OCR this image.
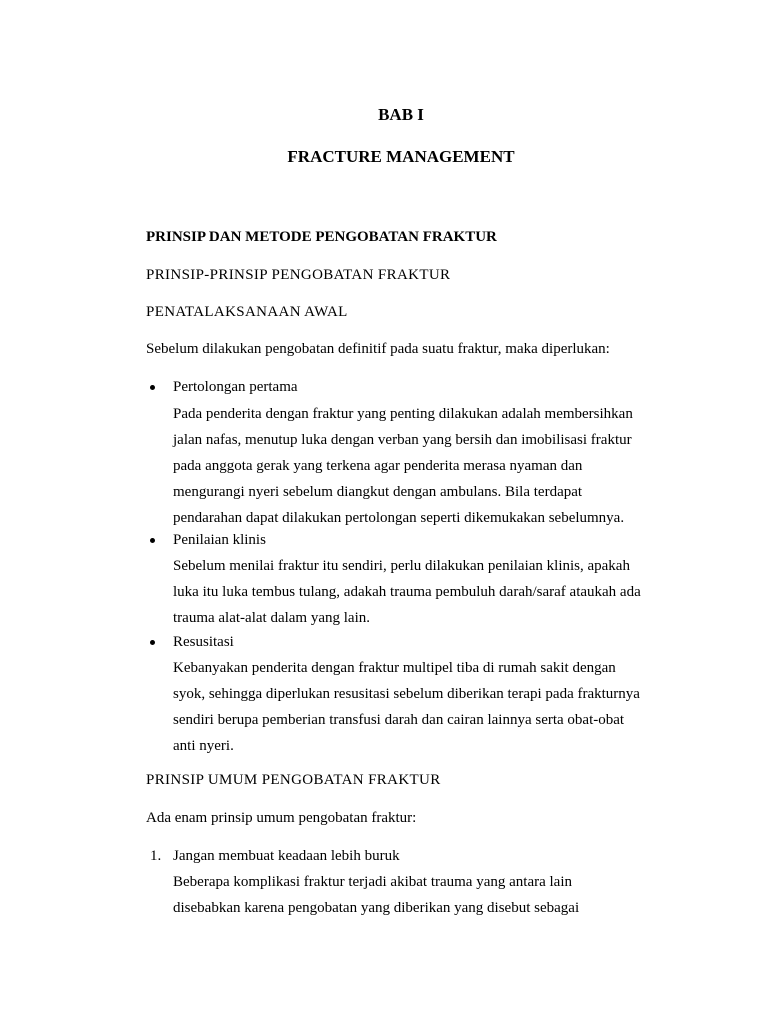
BAB I

FRACTURE MANAGEMENT

PRINSIP DAN METODE PENGOBATAN FRAKTUR

PRINSIP-PRINSIP PENGOBATAN FRAKTUR

PENATALAKSANAAN AWAL

Sebelum dilakukan pengobatan definitif pada suatu fraktur, maka diperlukan:

Pertolongan pertama
Pada penderita dengan fraktur yang penting dilakukan adalah membersihkan
jalan nafas, menutup luka dengan verban yang bersih dan imobilisasi fraktur
pada anggota gerak yang terkena agar penderita merasa nyaman dan
mengurangi nyeri sebelum diangkut dengan ambulans. Bila terdapat
pendarahan dapat dilakukan pertolongan seperti dikemukakan sebelumnya.
Penilaian klinis
Sebelum menilai fraktur itu sendiri, perlu dilakukan penilaian klinis, apakah
luka itu luka tembus tulang, adakah trauma pembuluh darah/saraf ataukah ada
trauma alat-alat dalam yang lain.
Resusitasi
Kebanyakan penderita dengan fraktur multipel tiba di rumah sakit dengan
syok, sehingga diperlukan resusitasi sebelum diberikan terapi pada frakturnya
sendiri berupa pemberian transfusi darah dan cairan lainnya serta obat-obat
anti nyeri.

PRINSIP UMUM PENGOBATAN FRAKTUR

Ada enam prinsip umum pengobatan fraktur:

1. Jangan membuat keadaan lebih buruk
Beberapa komplikasi fraktur terjadi akibat trauma yang antara lain
disebabkan karena pengobatan yang diberikan yang disebut sebagai
